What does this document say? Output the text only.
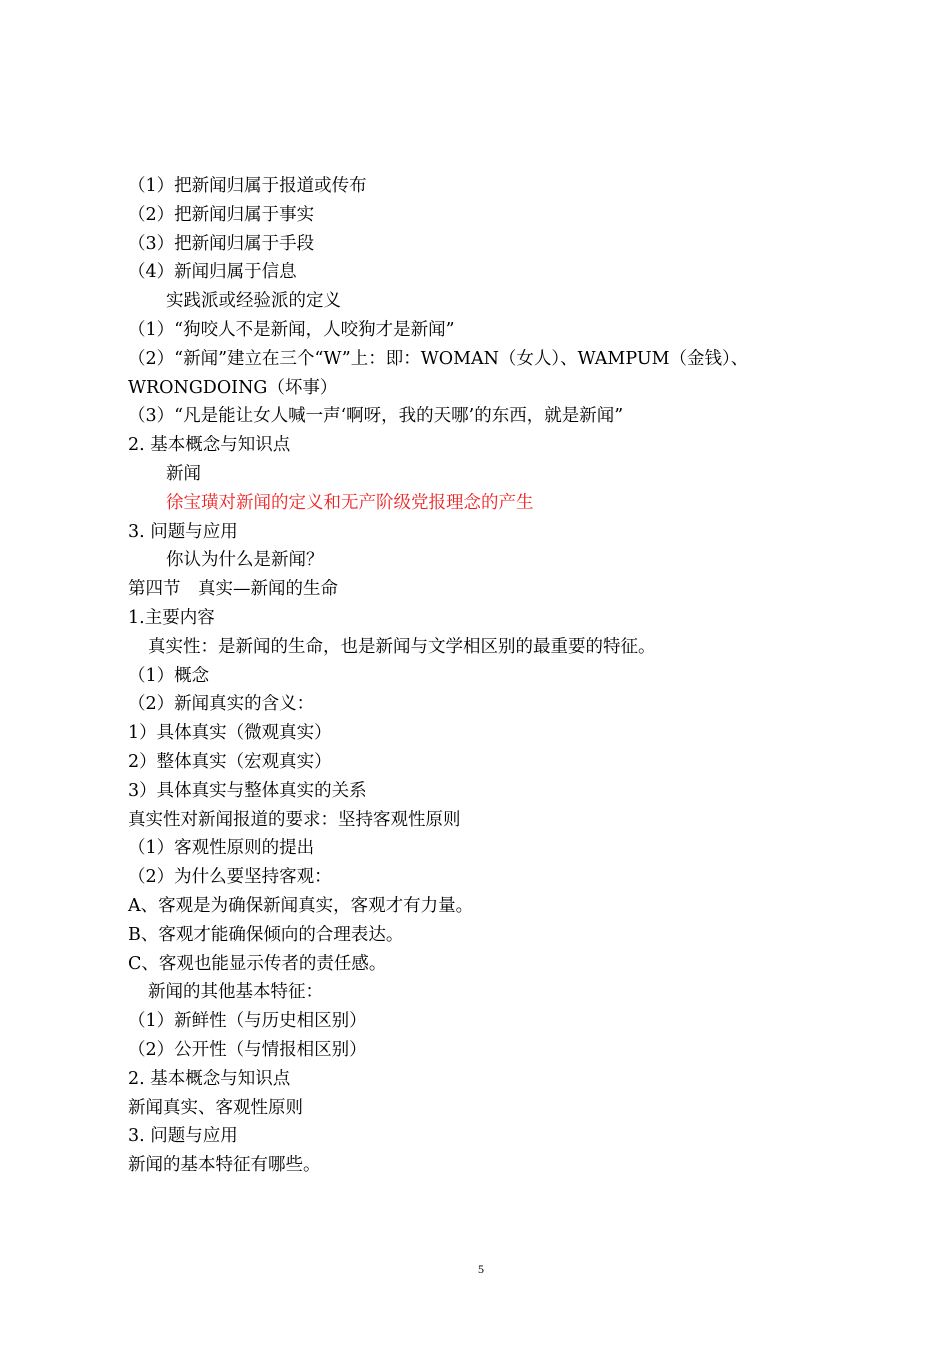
（1）把新闻归属于报道或传布
（2）把新闻归属于事实
（3）把新闻归属于手段
（4）新闻归属于信息
实践派或经验派的定义
（1）“狗咬人不是新闻，人咬狗才是新闻”
（2）“新闻”建立在三个“W”上：即：WOMAN（女人）、WAMPUM（金钱）、
WRONGDOING（坏事）
（3）“凡是能让女人喊一声‘啊呀，我的天哪’的东西，就是新闻”
2. 基本概念与知识点
新闻
徐宝璜对新闻的定义和无产阶级党报理念的产生
3. 问题与应用
你认为什么是新闻？
第四节　真实—新闻的生命
1.主要内容
真实性：是新闻的生命，也是新闻与文学相区别的最重要的特征。
（1）概念
（2）新闻真实的含义：
1）具体真实（微观真实）
2）整体真实（宏观真实）
3）具体真实与整体真实的关系
真实性对新闻报道的要求：坚持客观性原则
（1）客观性原则的提出
（2）为什么要坚持客观：
A、客观是为确保新闻真实，客观才有力量。
B、客观才能确保倾向的合理表达。
C、客观也能显示传者的责任感。
新闻的其他基本特征：
（1）新鲜性（与历史相区别）
（2）公开性（与情报相区别）
2. 基本概念与知识点
新闻真实、客观性原则
3. 问题与应用
新闻的基本特征有哪些。
5
